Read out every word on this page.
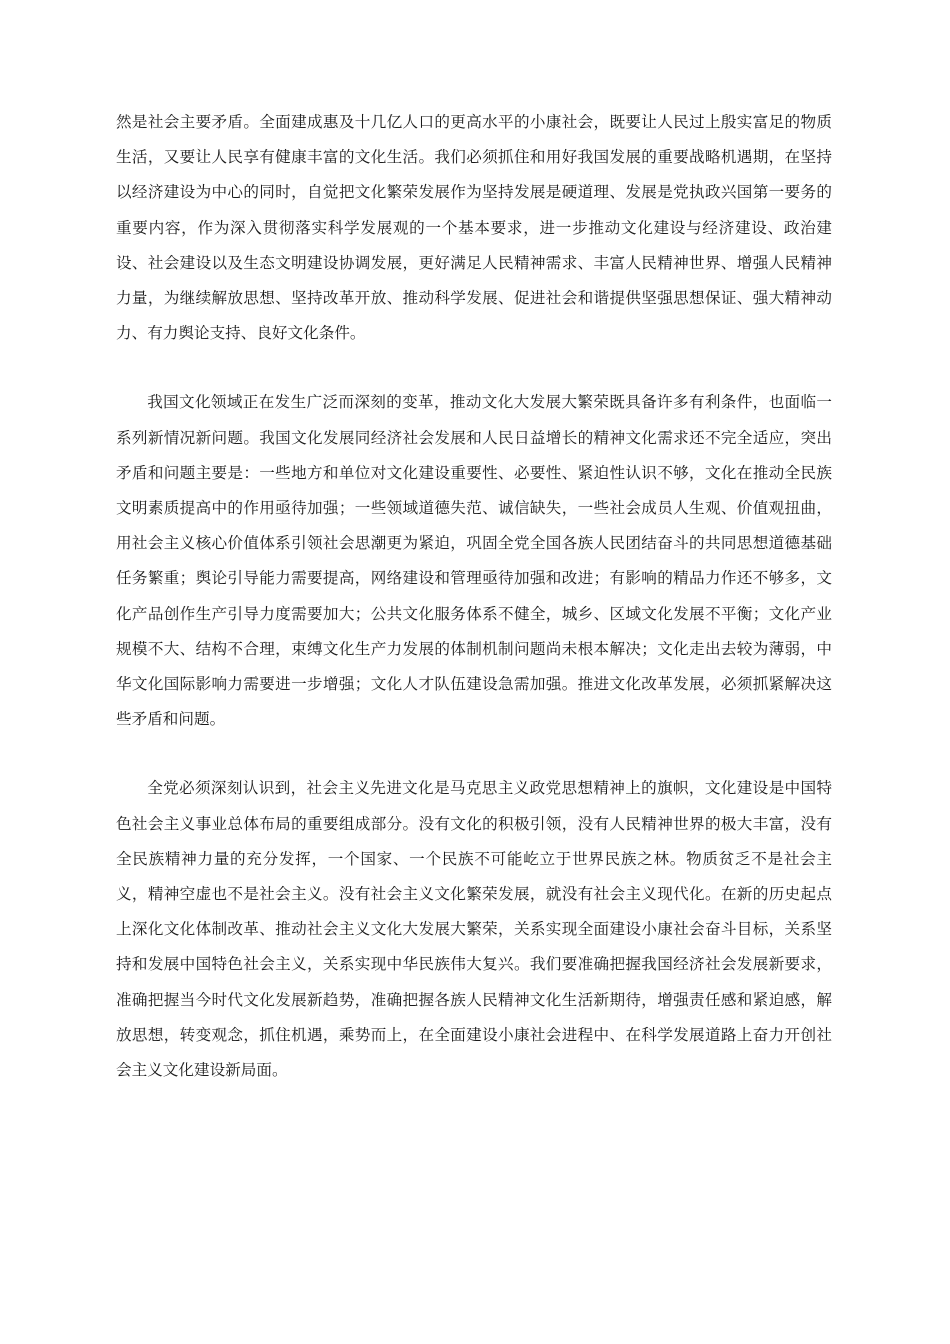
然是社会主要矛盾。全面建成惠及十几亿人口的更高水平的小康社会，既要让人民过上殷实富足的物质生活，又要让人民享有健康丰富的文化生活。我们必须抓住和用好我国发展的重要战略机遇期，在坚持以经济建设为中心的同时，自觉把文化繁荣发展作为坚持发展是硬道理、发展是党执政兴国第一要务的重要内容，作为深入贯彻落实科学发展观的一个基本要求，进一步推动文化建设与经济建设、政治建设、社会建设以及生态文明建设协调发展，更好满足人民精神需求、丰富人民精神世界、增强人民精神力量，为继续解放思想、坚持改革开放、推动科学发展、促进社会和谐提供坚强思想保证、强大精神动力、有力舆论支持、良好文化条件。

我国文化领域正在发生广泛而深刻的变革，推动文化大发展大繁荣既具备许多有利条件，也面临一系列新情况新问题。我国文化发展同经济社会发展和人民日益增长的精神文化需求还不完全适应，突出矛盾和问题主要是：一些地方和单位对文化建设重要性、必要性、紧迫性认识不够，文化在推动全民族文明素质提高中的作用亟待加强；一些领域道德失范、诚信缺失，一些社会成员人生观、价值观扭曲，用社会主义核心价值体系引领社会思潮更为紧迫，巩固全党全国各族人民团结奋斗的共同思想道德基础任务繁重；舆论引导能力需要提高，网络建设和管理亟待加强和改进；有影响的精品力作还不够多，文化产品创作生产引导力度需要加大；公共文化服务体系不健全，城乡、区域文化发展不平衡；文化产业规模不大、结构不合理，束缚文化生产力发展的体制机制问题尚未根本解决；文化走出去较为薄弱，中华文化国际影响力需要进一步增强；文化人才队伍建设急需加强。推进文化改革发展，必须抓紧解决这些矛盾和问题。

全党必须深刻认识到，社会主义先进文化是马克思主义政党思想精神上的旗帜，文化建设是中国特色社会主义事业总体布局的重要组成部分。没有文化的积极引领，没有人民精神世界的极大丰富，没有全民族精神力量的充分发挥，一个国家、一个民族不可能屹立于世界民族之林。物质贫乏不是社会主义，精神空虚也不是社会主义。没有社会主义文化繁荣发展，就没有社会主义现代化。在新的历史起点上深化文化体制改革、推动社会主义文化大发展大繁荣，关系实现全面建设小康社会奋斗目标，关系坚持和发展中国特色社会主义，关系实现中华民族伟大复兴。我们要准确把握我国经济社会发展新要求，准确把握当今时代文化发展新趋势，准确把握各族人民精神文化生活新期待，增强责任感和紧迫感，解放思想，转变观念，抓住机遇，乘势而上，在全面建设小康社会进程中、在科学发展道路上奋力开创社会主义文化建设新局面。
